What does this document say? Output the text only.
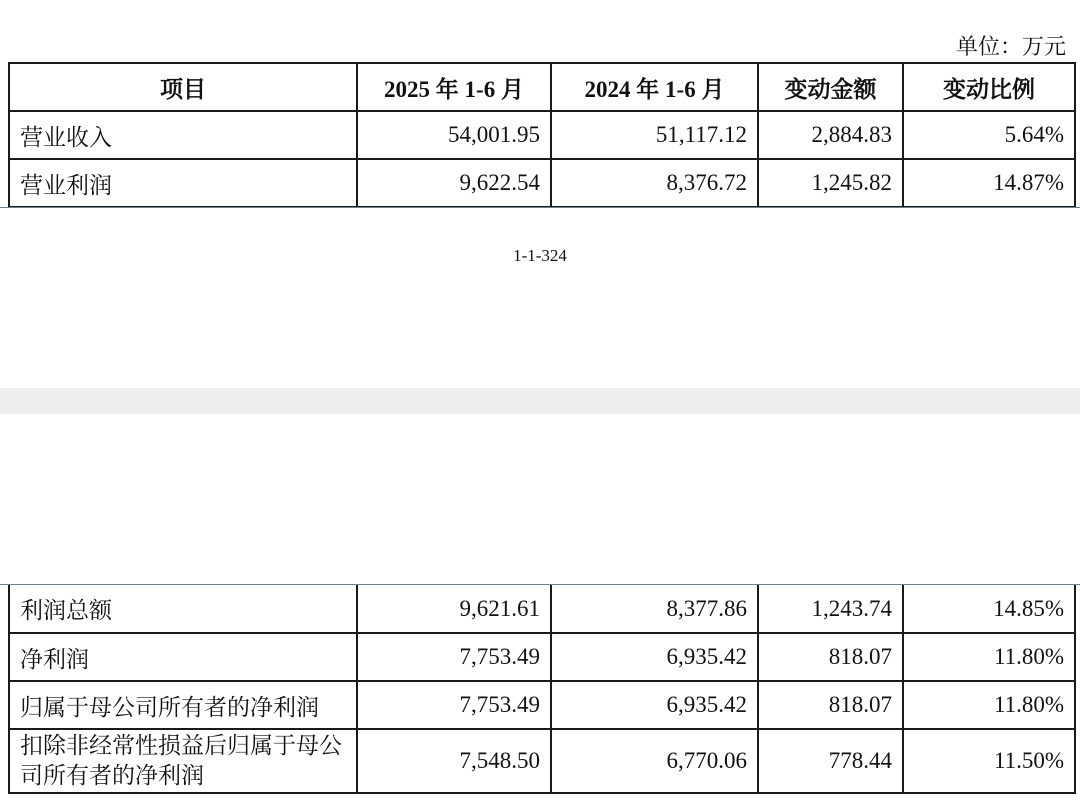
单位：万元
项目	2025 年 1-6 月	2024 年 1-6 月	变动金额	变动比例
营业收入	54,001.95	51,117.12	2,884.83	5.64%
营业利润	9,622.54	8,376.72	1,245.82	14.87%
1-1-324
利润总额	9,621.61	8,377.86	1,243.74	14.85%
净利润	7,753.49	6,935.42	818.07	11.80%
归属于母公司所有者的净利润	7,753.49	6,935.42	818.07	11.80%
扣除非经常性损益后归属于母公司所有者的净利润	7,548.50	6,770.06	778.44	11.50%
